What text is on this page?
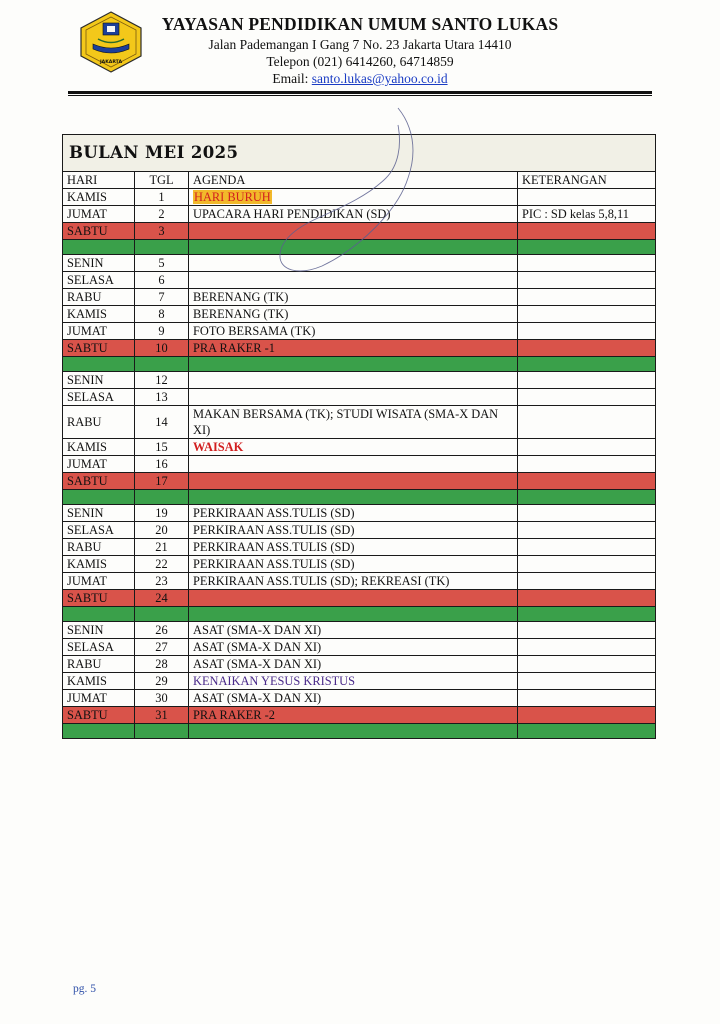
JAKARTA
YAYASAN PENDIDIKAN UMUM SANTO LUKAS
Jalan Pademangan I Gang 7 No. 23 Jakarta Utara 14410
Telepon (021) 6414260, 64714859
Email: santo.lukas@yahoo.co.id
BULAN MEI 2025			
HARI	TGL	AGENDA	KETERANGAN
KAMIS	1	HARI BURUH	
JUMAT	2	UPACARA HARI PENDIDIKAN (SD)	PIC : SD kelas 5,8,11
SABTU	3		

SENIN	5		
SELASA	6		
RABU	7	BERENANG (TK)	
KAMIS	8	BERENANG (TK)	
JUMAT	9	FOTO BERSAMA (TK)	
SABTU	10	PRA RAKER -1	

SENIN	12		
SELASA	13		
RABU	14	MAKAN BERSAMA (TK); STUDI WISATA (SMA-X DAN XI)	
KAMIS	15	WAISAK	
JUMAT	16		
SABTU	17		

SENIN	19	PERKIRAAN ASS.TULIS (SD)	
SELASA	20	PERKIRAAN ASS.TULIS (SD)	
RABU	21	PERKIRAAN ASS.TULIS (SD)	
KAMIS	22	PERKIRAAN ASS.TULIS (SD)	
JUMAT	23	PERKIRAAN ASS.TULIS (SD); REKREASI (TK)	
SABTU	24		

SENIN	26	ASAT (SMA-X DAN XI)	
SELASA	27	ASAT (SMA-X DAN XI)	
RABU	28	ASAT (SMA-X DAN XI)	
KAMIS	29	KENAIKAN YESUS KRISTUS	
JUMAT	30	ASAT (SMA-X DAN XI)	
SABTU	31	PRA RAKER -2	

pg. 5
